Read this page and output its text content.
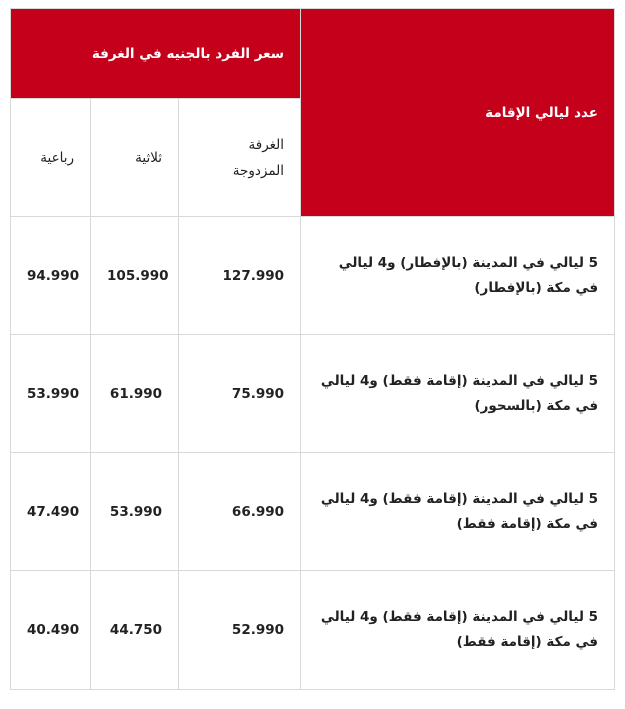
عدد ليالي الإقامة	سعر الفرد بالجنيه في الغرفة		
	الغرفة المزدوجة	ثلاثية	رباعية
5 ليالي في المدينة (بالإفطار) و4 ليالي في مكة (بالإفطار)	127.990	105.990	94.990
5 ليالي في المدينة (إقامة فقط) و4 ليالي في مكة (بالسحور)	75.990	61.990	53.990
5 ليالي في المدينة (إقامة فقط) و4 ليالي في مكة (إقامة فقط)	66.990	53.990	47.490
5 ليالي في المدينة (إقامة فقط) و4 ليالي في مكة (إقامة فقط)	52.990	44.750	40.490
